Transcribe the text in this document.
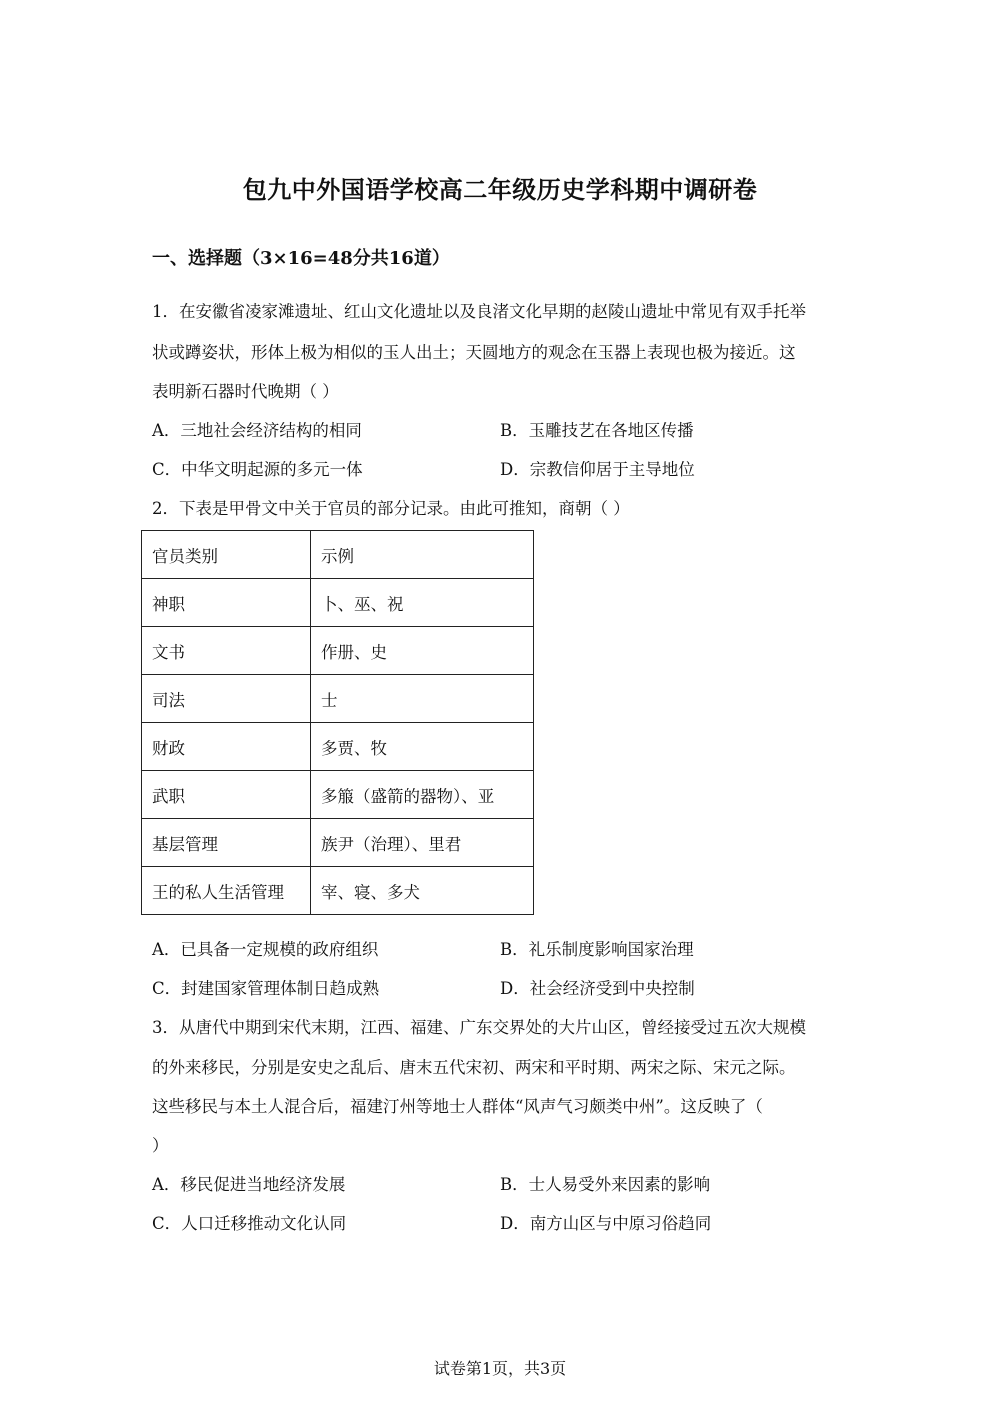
包九中外国语学校高二年级历史学科期中调研卷
一、选择题（3×16=48分共16道）
1．在安徽省凌家滩遗址、红山文化遗址以及良渚文化早期的赵陵山遗址中常见有双手托举
状或蹲姿状，形体上极为相似的玉人出土；天圆地方的观念在玉器上表现也极为接近。这
表明新石器时代晚期（ ）
A．三地社会经济结构的相同	B．玉雕技艺在各地区传播
C．中华文明起源的多元一体	D．宗教信仰居于主导地位
2．下表是甲骨文中关于官员的部分记录。由此可推知，商朝（ ）
官员类别	示例
神职	卜、巫、祝
文书	作册、史
司法	士
财政	多贾、牧
武职	多箙（盛箭的器物）、亚
基层管理	族尹（治理）、里君
王的私人生活管理	宰、寝、多犬
A．已具备一定规模的政府组织	B．礼乐制度影响国家治理
C．封建国家管理体制日趋成熟	D．社会经济受到中央控制
3．从唐代中期到宋代末期，江西、福建、广东交界处的大片山区，曾经接受过五次大规模
的外来移民，分别是安史之乱后、唐末五代宋初、两宋和平时期、两宋之际、宋元之际。
这些移民与本土人混合后，福建汀州等地士人群体“风声气习颇类中州”。这反映了（
）
A．移民促进当地经济发展	B．士人易受外来因素的影响
C．人口迁移推动文化认同	D．南方山区与中原习俗趋同
试卷第1页，共3页
